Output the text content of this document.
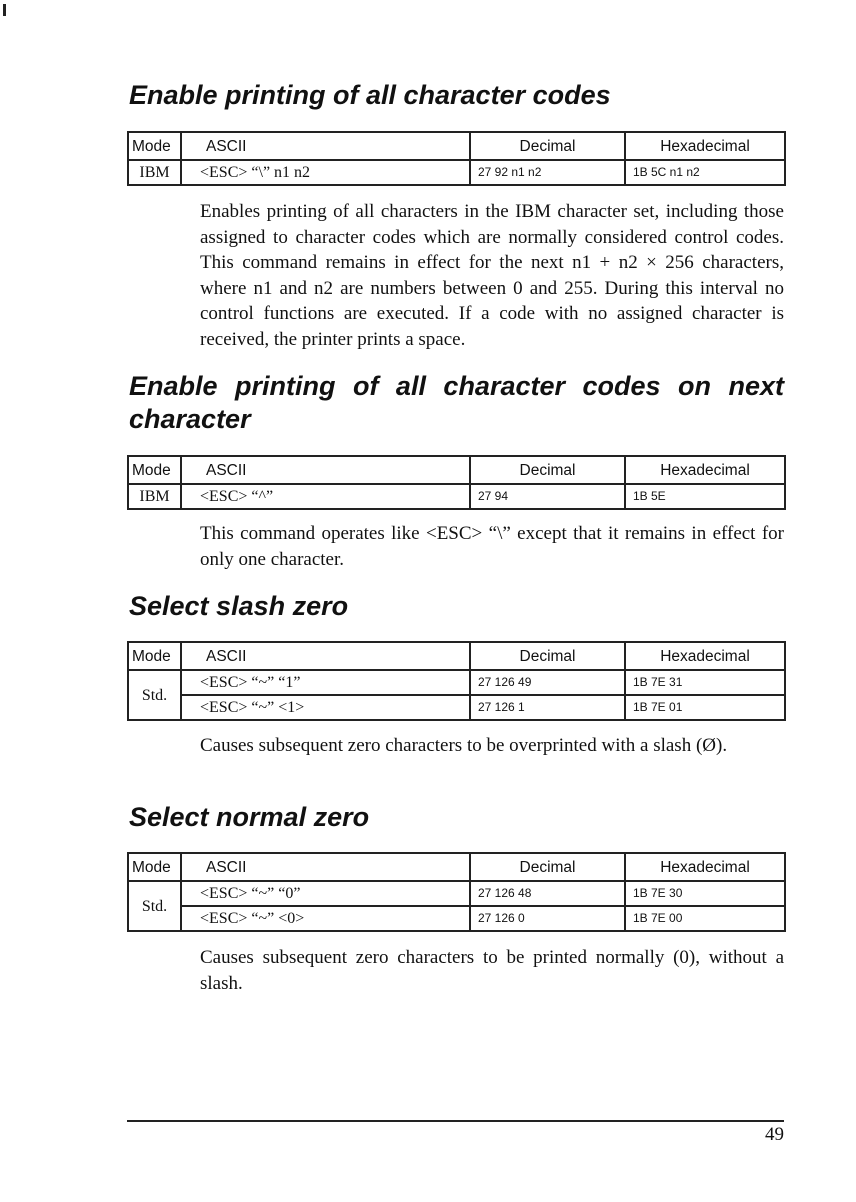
Enable printing of all character codes
Mode	ASCII	Decimal	Hexadecimal
IBM	<ESC> “\” n1 n2	27 92 n1 n2	1B 5C n1 n2

Enables printing of all characters in the IBM character set, including those assigned to character codes which are normally considered control codes. This command remains in effect for the next n1 + n2 × 256 characters, where n1 and n2 are numbers between 0 and 255. During this interval no control functions are executed. If a code with no assigned character is received, the printer prints a space.

Enable printing of all character codes on next character
Mode	ASCII	Decimal	Hexadecimal
IBM	<ESC> “^”	27 94	1B 5E

This command operates like <ESC> “\” except that it remains in effect for only one character.

Select slash zero
Mode	ASCII	Decimal	Hexadecimal
Std.	<ESC> “~” “1”	27 126 49	1B 7E 31
	<ESC> “~” <1>	27 126 1	1B 7E 01

Causes subsequent zero characters to be overprinted with a slash (Ø).

Select normal zero
Mode	ASCII	Decimal	Hexadecimal
Std.	<ESC> “~” “0”	27 126 48	1B 7E 30
	<ESC> “~” <0>	27 126 0	1B 7E 00

Causes subsequent zero characters to be printed normally (0), without a slash.

49
